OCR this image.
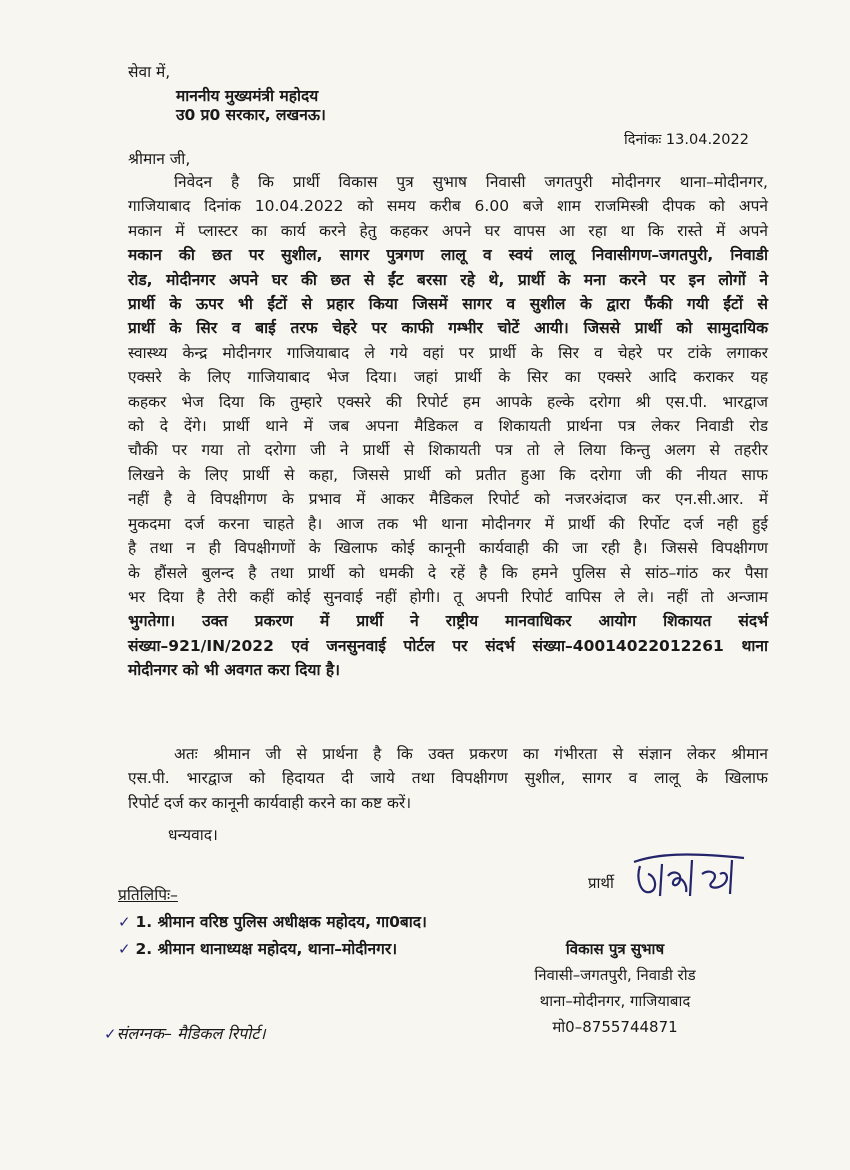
सेवा में,
माननीय मुख्यमंत्री महोदय
उ0 प्र0 सरकार, लखनऊ।
दिनांकः 13.04.2022
श्रीमान जी,
निवेदन है कि प्रार्थी विकास पुत्र सुभाष निवासी जगतपुरी मोदीनगर थाना–मोदीनगर,
गाजियाबाद दिनांक 10.04.2022 को समय करीब 6.00 बजे शाम राजमिस्त्री दीपक को अपने
मकान में प्लास्टर का कार्य करने हेतु कहकर अपने घर वापस आ रहा था कि रास्ते में अपने
मकान की छत पर सुशील, सागर पुत्रगण लालू व स्वयं लालू निवासीगण–जगतपुरी, निवाडी
रोड, मोदीनगर अपने घर की छत से ईंट बरसा रहे थे, प्रार्थी के मना करने पर इन लोगों ने
प्रार्थी के ऊपर भी ईंटों से प्रहार किया जिसमें सागर व सुशील के द्वारा फैंकी गयी ईंटों से
प्रार्थी के सिर व बाई तरफ चेहरे पर काफी गम्भीर चोटें आयी। जिससे प्रार्थी को सामुदायिक
स्वास्थ्य केन्द्र मोदीनगर गाजियाबाद ले गये वहां पर प्रार्थी के सिर व चेहरे पर टांके लगाकर
एक्सरे के लिए गाजियाबाद भेज दिया। जहां प्रार्थी के सिर का एक्सरे आदि कराकर यह
कहकर भेज दिया कि तुम्हारे एक्सरे की रिपोर्ट हम आपके हल्के दरोगा श्री एस.पी. भारद्वाज
को दे देंगे। प्रार्थी थाने में जब अपना मैडिकल व शिकायती प्रार्थना पत्र लेकर निवाडी रोड
चौकी पर गया तो दरोगा जी ने प्रार्थी से शिकायती पत्र तो ले लिया किन्तु अलग से तहरीर
लिखने के लिए प्रार्थी से कहा, जिससे प्रार्थी को प्रतीत हुआ कि दरोगा जी की नीयत साफ
नहीं है वे विपक्षीगण के प्रभाव में आकर मैडिकल रिपोर्ट को नजरअंदाज कर एन.सी.आर. में
मुकदमा दर्ज करना चाहते है। आज तक भी थाना मोदीनगर में प्रार्थी की रिर्पोट दर्ज नही हुई
है तथा न ही विपक्षीगणों के खिलाफ कोई कानूनी कार्यवाही की जा रही है। जिससे विपक्षीगण
के हौंसले बुलन्द है तथा प्रार्थी को धमकी दे रहें है कि हमने पुलिस से सांठ–गांठ कर पैसा
भर दिया है तेरी कहीं कोई सुनवाई नहीं होगी। तू अपनी रिपोर्ट वापिस ले ले। नहीं तो अन्जाम
भुगतेगा। उक्त प्रकरण में प्रार्थी ने राष्ट्रीय मानवाधिकर आयोग शिकायत संदर्भ
संख्या–921/IN/2022 एवं जनसुनवाई पोर्टल पर संदर्भ संख्या–40014022012261 थाना
मोदीनगर को भी अवगत करा दिया है।
अतः श्रीमान जी से प्रार्थना है कि उक्त प्रकरण का गंभीरता से संज्ञान लेकर श्रीमान
एस.पी. भारद्वाज को हिदायत दी जाये तथा विपक्षीगण सुशील, सागर व लालू के खिलाफ
रिपोर्ट दर्ज कर कानूनी कार्यवाही करने का कष्ट करें।
धन्यवाद।
प्रार्थी
प्रतिलिपिः–
✓ 1. श्रीमान वरिष्ठ पुलिस अधीक्षक महोदय, गा0बाद।
✓ 2. श्रीमान थानाध्यक्ष महोदय, थाना–मोदीनगर।	विकास पुत्र सुभाष
निवासी–जगतपुरी, निवाडी रोड
थाना–मोदीनगर, गाजियाबाद
मो0–8755744871
✓संलग्नक– मैडिकल रिपोर्ट।
